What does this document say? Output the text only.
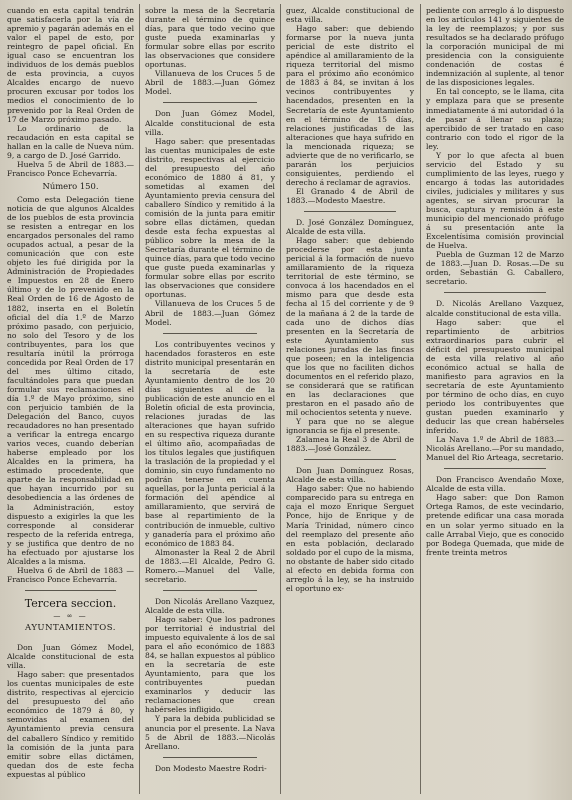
cuando en esta capital tendrán que satisfacerla por la vía de apremio y pagarán además en el valor el papel de esto, por reintegro de papel oficial. En igual caso se encuentran los individuos de los demás pueblos de esta provincia, a cuyos Alcaldes encargo de nuevo procuren excusar por todos los medios el conocimiento de lo prevenido por la Real Orden de 17 de Marzo próximo pasado.

Lo ordinario de la recaudación en esta capital se hallan en la calle de Nueva núm. 9, a cargo de D. José Garrido.

Huelva 5 de Abril de 1883.— Francisco Ponce Echevarría.

Número 150.

Como esta Delegación tiene noticia de que algunos Alcaldes de los pueblos de esta provincia se resisten a entregar en los encargados personales del ramo ocupados actual, a pesar de la comunicación que con este objeto les fué dirigida por la Administración de Propiedades e Impuestos en 28 de Enero último y de lo prevenido en la Real Orden de 16 de Agosto de 1882, inserta en el Boletín oficial del día 1.º de Marzo próximo pasado, con perjuicio, no solo del Tesoro y de los contribuyentes, para los que resultaría inútil la prórroga concedida por Real Orden de 17 del mes último citado, facultándoles para que puedan formular sus reclamaciones el día 1.º de Mayo próximo, sino con perjuicio también de la Delegación del Banco, cuyos recaudadores no han presentado a verificar la entrega encargo varios veces, cuando deberían haberse empleado por los Alcaldes en la primera, ha estimado procedente, que aparte de la responsabilidad en que hayan incurrido por su desobediencia a las órdenes de la Administración, estoy dispuesto a exigirles la que les corresponde al considerar respecto de la referida entrega, y se justifica que dentro de no ha efectuado por ajustarse los Alcaldes a la misma.

Huelva 6 de Abril de 1883 — Francisco Ponce Echevarría.

Tercera seccion.
— ∞ —
AYUNTAMIENTOS.

Don Juan Gómez Model, Alcalde constitucional de esta villa.

Hago saber: que presentados los cuentas municipales de este distrito, respectivas al ejercicio del presupuesto del año económico de 1879 á 80, y semovidas al examen del Ayuntamiento previa censura del caballero Síndico y remitido la comisión de la junta para emitir sobre ellas dictámen, quedan dos de este fecha expuestas al público

sobre la mesa de la Secretaría durante el término de quince días, para que todo vecino que guste pueda examinarlas y formular sobre ellas por escrito las observaciones que considere oportunas.

Villanueva de los Cruces 5 de Abril de 1883.—Juan Gómez Model.

Don Juan Gómez Model, Alcalde constitucional de esta villa.

Hago saber: que presentadas las cuentas municipales de este distrito, respectivas al ejercicio del presupuesto del año económico de 1880 á 81, y sometidas al examen del Ayuntamiento previa censura del caballero Síndico y remitido á la comisión de la junta para emitir sobre ellas dictámen, quedan desde esta fecha expuestas al público sobre la mesa de la Secretaría durante el término de quince días, para que todo vecino que guste pueda examinarlas y formular sobre ellas por escrito las observaciones que considere oportunas.

Villanueva de los Cruces 5 de Abril de 1883.—Juan Gómez Model.

Los contribuyentes vecinos y hacendados forasteros en este distrito municipal presentarán en la secretaría de este Ayuntamiento dentro de los 20 días siguientes al de la publicación de este anuncio en el Boletín oficial de esta provincia, relaciones juradas de las alteraciones que hayan sufrido en su respectiva riqueza durante el último año, acompañadas de los títulos legales que justifiquen la traslación de la propiedad y el dominio, sin cuyo fundamento no podrán tenerse en cuenta aquellas, por la Junta pericial á la formación del apéndice al amillaramiento, que servirá de base al repartimiento de la contribución de inmueble, cultivo y ganadería para el próximo año económico de 1883 84.

Almonaster la Real 2 de Abril de 1883.—El Alcalde, Pedro G. Romero.—Manuel del Valle, secretario.

Don Nicolás Arellano Vazquez, Alcalde de esta villa.

Hago saber: Que los padrones por territorial é industrial del impuesto equivalente á los de sal para el año económico de 1883 84, se hallan expuestos al público en la secretaría de este Ayuntamiento, para que los contribuyentes puedan examinarlos y deducir las reclamaciones que crean habérseles infligido.

Y para la debida publicidad se anuncia por el presente. La Nava 5 de Abril de 1883.—Nicolás Arellano.

Don Modesto Maestre Rodri-

guez, Alcalde constitucional de esta villa.

Hago saber: que debiendo formarse por la nueva junta pericial de este distrito el apéndice al amillaramiento de la riqueza territorial del mismo para el próximo año económico de 1883 á 84, se invitan á los vecinos contribuyentes y hacendados, presenten en la Secretaría de este Ayuntamiento en el término de 15 días, relaciones justificadas de las alteraciones que haya sufrido en la mencionada riqueza; se advierte que de no verificarlo, se pararán los perjuicios consiguientes, perdiendo el derecho á reclamar de agravios.

El Granado 4 de Abril de 1883.—Modesto Maestre.

D. José González Domínguez, Alcalde de esta villa.

Hago saber: que debiendo procederse por esta junta pericial á la formación de nuevo amillaramiento de la riqueza territorial de este término, se convoca á los hacendados en el mismo para que desde esta fecha al 15 del corriente y de 9 de la mañana á 2 de la tarde de cada uno de dichos días presenten en la Secretaría de este Ayuntamiento sus relaciones juradas de las fincas que poseen; en la inteligencia que los que no faciliten dichos documentos en el referido plazo, se considerará que se ratifican en las declaraciones que prestaron en el pasado año de mil ochocientos setenta y nueve.

Y para que no se alegue ignorancia se fija el presente.

Zalamea la Real 3 de Abril de 1883.—José González.

Don Juan Domínguez Rosas, Alcalde de esta villa.

Hago saber: Que no habiendo comparecido para su entrega en caja el mozo Enrique Serguet Ponce, hijo de Enrique y de María Trinidad, número cinco del reemplazo del presente año en esta población, declarado soldado por el cupo de la misma, no obstante de haber sido citado al efecto en debida forma con arreglo á la ley, se ha instruido el oportuno ex-

pediente con arreglo á lo dispuesto en los artículos 141 y siguientes de la ley de reemplazos; y por sus resultados se ha declarado prófugo la corporación municipal de mi presidencia con la consiguiente condenación de costas é indemnización al suplente, al tenor de las disposiciones legales.

En tal concepto, se le llama, cita y emplaza para que se presente inmediatamente á mi autoridad ó la de pasar á llenar su plaza; apercibido de ser tratado en caso contrario con todo el rigor de la ley.

Y por lo que afecta al buen servicio del Estado y su cumplimiento de las leyes, ruego y encargo á todas las autoridades civiles, judiciales y militares y sus agentes, se sirvan procurar la busca, captura y remisión á este municipio del mencionado prófugo á su presentación ante la Excelentísima comisión provincial de Huelva.

Puebla de Guzman 12 de Marzo de 1883.—Juan D. Rosas.—De su orden, Sebastián G. Caballero, secretario.

D. Nicolás Arellano Vazquez, alcalde constitucional de esta villa.

Hago saber: que el repartimiento de arbitrios extraordinarios para cubrir el déficit del presupuesto municipal de esta villa relativo al año económico actual se halla de manifiesto para agravios en la secretaría de este Ayuntamiento por término de ocho días, en cuyo periodo los contribuyentes que gustan pueden examinarlo y deducir las que crean habérseles inferido.

La Nava 1.º de Abril de 1883.—Nicolás Arellano.—Por su mandado, Manuel del Rio Arteaga, secretario.

Don Francisco Avendaño Moxe, Alcalde de esta villa.

Hago saber: que Don Ramon Ortega Ramos, de este vecindario, pretende edificar una casa morada en un solar yermo situado en la calle Arrabal Viejo, que es conocido por Bodega Quemada, que mide de frente treinta metros
